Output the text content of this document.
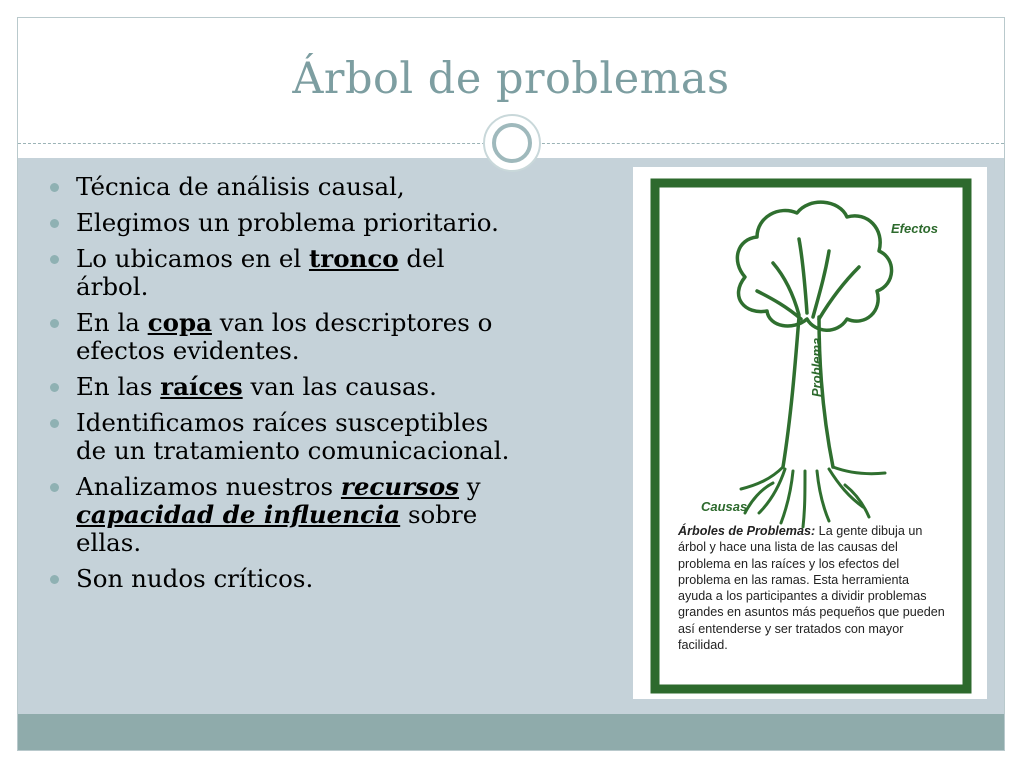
Árbol de problemas
Técnica de análisis causal,
Elegimos un problema prioritario.
Lo ubicamos en el tronco del árbol.
En la copa van los descriptores o efectos evidentes.
En las raíces van las causas.
Identificamos raíces susceptibles de un tratamiento comunicacional.
Analizamos nuestros recursos y capacidad de influencia sobre ellas.
Son nudos críticos.
Efectos
Problema
Causas
Árboles de Problemas: La gente dibuja un árbol y hace una lista de las causas del problema en las raíces y los efectos del problema en las ramas. Esta herramienta ayuda a los participantes a dividir problemas grandes en asuntos más pequeños que pueden así entenderse y ser tratados con mayor facilidad.
